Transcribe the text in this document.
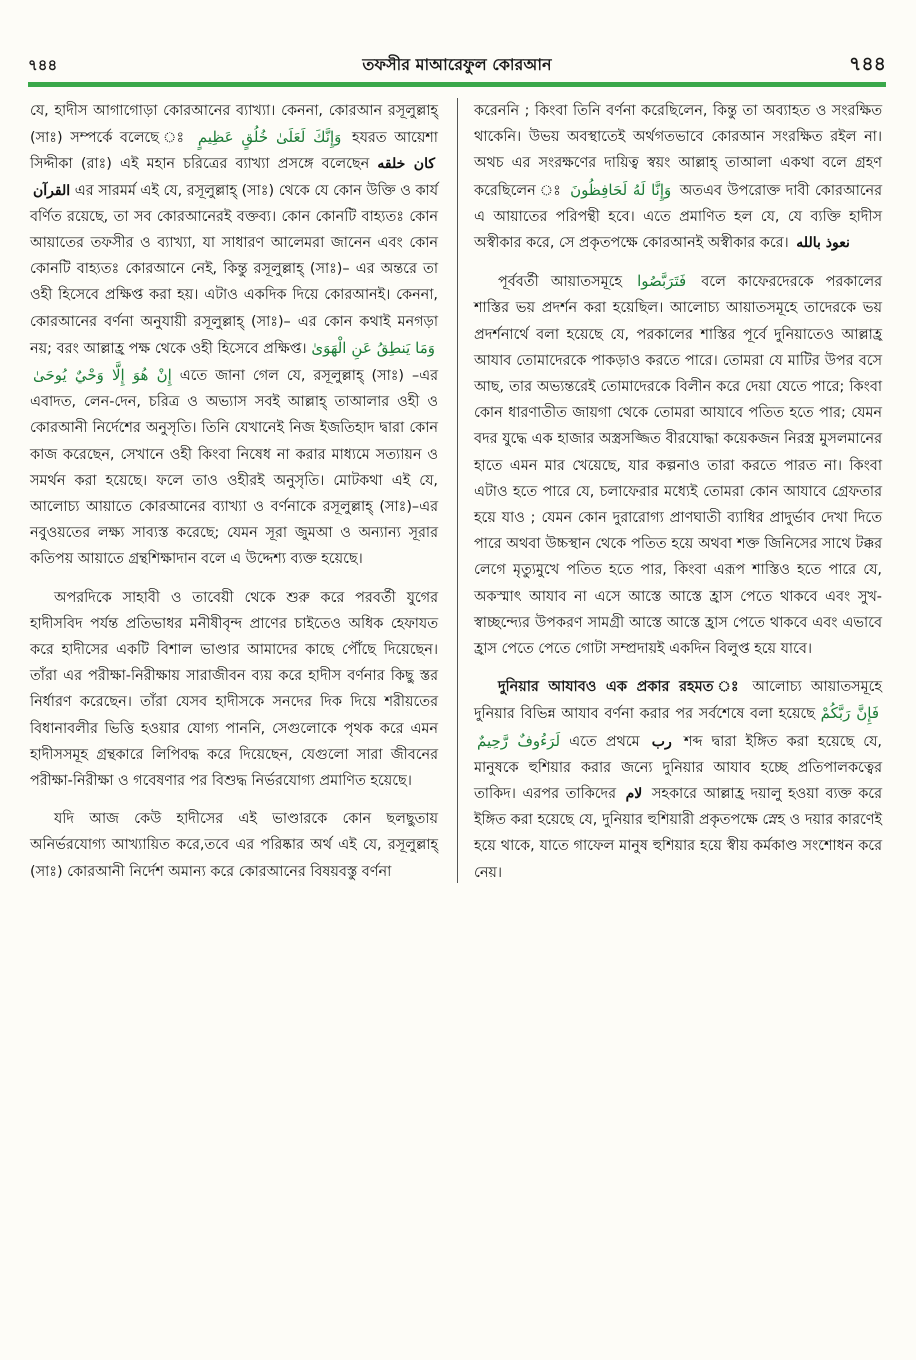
৭৪৪	তফসীর মাআরেফুল কোরআন	৭৪৪

যে, হাদীস আগাগোড়া কোরআনের ব্যাখ্যা। কেননা, কোরআন রসূলুল্লাহ্ (সাঃ) সম্পর্কে বলেছে ঃ وَإِنَّكَ لَعَلَىٰ خُلُقٍ عَظِيمٍ হযরত আয়েশা সিদ্দীকা (রাঃ) এই মহান চরিত্রের ব্যাখ্যা প্রসঙ্গে বলেছেন كان خلقه القرآن এর সারমর্ম এই যে, রসূলুল্লাহ্ (সাঃ) থেকে যে কোন উক্তি ও কার্য বর্ণিত রয়েছে, তা সব কোরআনেরই বক্তব্য। কোন কোনটি বাহ্যতঃ কোন আয়াতের তফসীর ও ব্যাখ্যা, যা সাধারণ আলেমরা জানেন এবং কোন কোনটি বাহ্যতঃ কোরআনে নেই, কিন্তু রসূলুল্লাহ্ (সাঃ)– এর অন্তরে তা ওহী হিসেবে প্রক্ষিপ্ত করা হয়। এটাও একদিক দিয়ে কোরআনই। কেননা, কোরআনের বর্ণনা অনুযায়ী রসূলুল্লাহ্ (সাঃ)– এর কোন কথাই মনগড়া নয়; বরং আল্লাহ্র পক্ষ থেকে ওহী হিসেবে প্রক্ষিপ্ত। وَمَا يَنطِقُ عَنِ الْهَوَىٰ إِنْ هُوَ إِلَّا وَحْيٌ يُوحَىٰ এতে জানা গেল যে, রসূলুল্লাহ্ (সাঃ) –এর এবাদত, লেন-দেন, চরিত্র ও অভ্যাস সবই আল্লাহ্ তাআলার ওহী ও কোরআনী নির্দেশের অনুসৃতি। তিনি যেখানেই নিজ ইজতিহাদ দ্বারা কোন কাজ করেছেন, সেখানে ওহী কিংবা নিষেধ না করার মাধ্যমে সত্যায়ন ও সমর্থন করা হয়েছে। ফলে তাও ওহীরই অনুসৃতি। মোটকথা এই যে, আলোচ্য আয়াতে কোরআনের ব্যাখ্যা ও বর্ণনাকে রসূলুল্লাহ্ (সাঃ)–এর নবুওয়তের লক্ষ্য সাব্যস্ত করেছে; যেমন সূরা জুমআ ও অন্যান্য সূরার কতিপয় আয়াতে গ্রন্থশিক্ষাদান বলে এ উদ্দেশ্য ব্যক্ত হয়েছে।

অপরদিকে সাহাবী ও তাবেয়ী থেকে শুরু করে পরবর্তী যুগের হাদীসবিদ পর্যন্ত প্রতিভাধর মনীষীবৃন্দ প্রাণের চাইতেও অধিক হেফাযত করে হাদীসের একটি বিশাল ভাণ্ডার আমাদের কাছে পৌঁছে দিয়েছেন। তাঁরা এর পরীক্ষা-নিরীক্ষায় সারাজীবন ব্যয় করে হাদীস বর্ণনার কিছু স্তর নির্ধারণ করেছেন। তাঁরা যেসব হাদীসকে সনদের দিক দিয়ে শরীয়তের বিধানাবলীর ভিত্তি হওয়ার যোগ্য পাননি, সেগুলোকে পৃথক করে এমন হাদীসসমূহ গ্রন্থকারে লিপিবদ্ধ করে দিয়েছেন, যেগুলো সারা জীবনের পরীক্ষা-নিরীক্ষা ও গবেষণার পর বিশুদ্ধ নির্ভরযোগ্য প্রমাণিত হয়েছে।

যদি আজ কেউ হাদীসের এই ভাণ্ডারকে কোন ছলছুতায় অনির্ভরযোগ্য আখ্যায়িত করে,তবে এর পরিষ্কার অর্থ এই যে, রসূলুল্লাহ্ (সাঃ) কোরআনী নির্দেশ অমান্য করে কোরআনের বিষয়বস্তু বর্ণনা

করেননি ; কিংবা তিনি বর্ণনা করেছিলেন, কিন্তু তা অব্যাহত ও সংরক্ষিত থাকেনি। উভয় অবস্থাতেই অর্থগতভাবে কোরআন সংরক্ষিত রইল না। অথচ এর সংরক্ষণের দায়িত্ব স্বয়ং আল্লাহ্ তাআলা একথা বলে গ্রহণ করেছিলেন ঃ وَإِنَّا لَهُ لَحَافِظُونَ অতএব উপরোক্ত দাবী কোরআনের এ আয়াতের পরিপন্থী হবে। এতে প্রমাণিত হল যে, যে ব্যক্তি হাদীস অস্বীকার করে, সে প্রকৃতপক্ষে কোরআনই অস্বীকার করে। نعوذ بالله

পূর্ববর্তী আয়াতসমূহে فَتَرَبَّصُوا বলে কাফেরদেরকে পরকালের শাস্তির ভয় প্রদর্শন করা হয়েছিল। আলোচ্য আয়াতসমূহে তাদেরকে ভয় প্রদর্শনার্থে বলা হয়েছে যে, পরকালের শাস্তির পূর্বে দুনিয়াতেও আল্লাহ্র আযাব তোমাদেরকে পাকড়াও করতে পারে। তোমরা যে মাটির উপর বসে আছ, তার অভ্যন্তরেই তোমাদেরকে বিলীন করে দেয়া যেতে পারে; কিংবা কোন ধারণাতীত জায়গা থেকে তোমরা আযাবে পতিত হতে পার; যেমন বদর যুদ্ধে এক হাজার অস্ত্রসজ্জিত বীরযোদ্ধা কয়েকজন নিরস্ত্র মুসলমানের হাতে এমন মার খেয়েছে, যার কল্পনাও তারা করতে পারত না। কিংবা এটাও হতে পারে যে, চলাফেরার মধ্যেই তোমরা কোন আযাবে গ্রেফতার হয়ে যাও ; যেমন কোন দুরারোগ্য প্রাণঘাতী ব্যাধির প্রাদুর্ভাব দেখা দিতে পারে অথবা উচ্চস্থান থেকে পতিত হয়ে অথবা শক্ত জিনিসের সাথে টক্কর লেগে মৃত্যুমুখে পতিত হতে পার, কিংবা এরূপ শাস্তিও হতে পারে যে, অকস্মাৎ আযাব না এসে আস্তে আস্তে হ্রাস পেতে থাকবে এবং সুখ-স্বাচ্ছন্দ্যের উপকরণ সামগ্রী আস্তে আস্তে হ্রাস পেতে থাকবে এবং এভাবে হ্রাস পেতে পেতে গোটা সম্প্রদায়ই একদিন বিলুপ্ত হয়ে যাবে।

দুনিয়ার আযাবও এক প্রকার রহমত ঃ আলোচ্য আয়াতসমূহে দুনিয়ার বিভিন্ন আযাব বর্ণনা করার পর সর্বশেষে বলা হয়েছে فَإِنَّ رَبَّكُمْ لَرَءُوفٌ رَّحِيمٌ এতে প্রথমে رب শব্দ দ্বারা ইঙ্গিত করা হয়েছে যে, মানুষকে হুশিয়ার করার জন্যে দুনিয়ার আযাব হচ্ছে প্রতিপালকত্বের তাকিদ। এরপর তাকিদের لام সহকারে আল্লাহ্র দয়ালু হওয়া ব্যক্ত করে ইঙ্গিত করা হয়েছে যে, দুনিয়ার হুশিয়ারী প্রকৃতপক্ষে স্নেহ ও দয়ার কারণেই হয়ে থাকে, যাতে গাফেল মানুষ হুশিয়ার হয়ে স্বীয় কর্মকাণ্ড সংশোধন করে নেয়।
